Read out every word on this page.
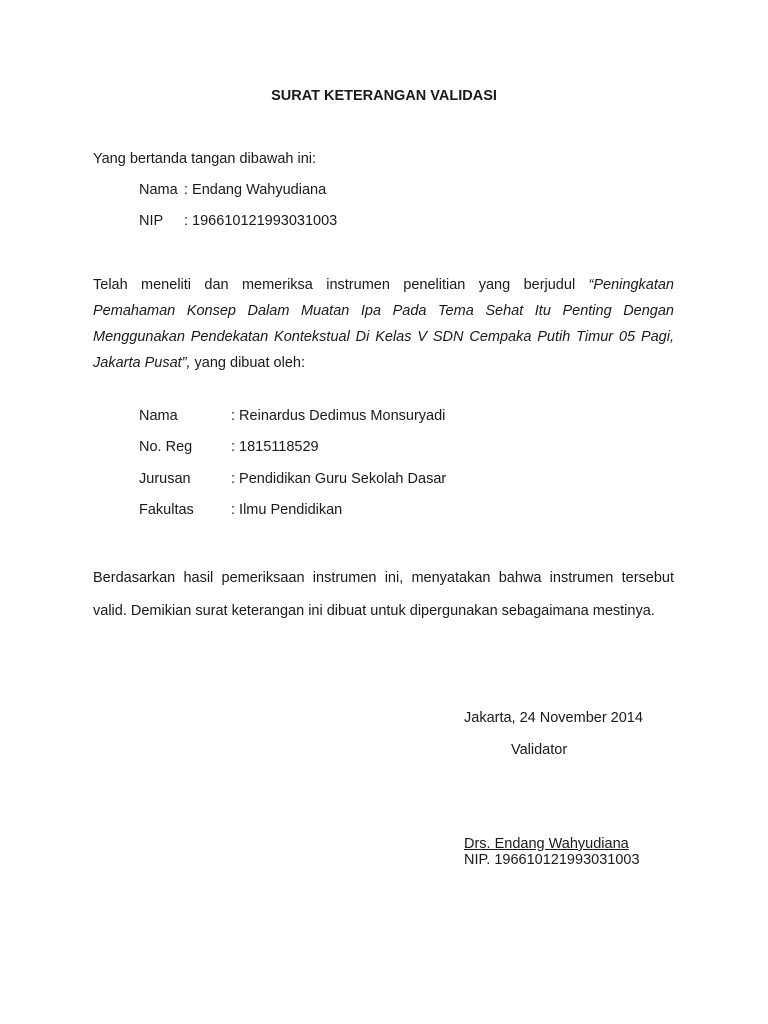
SURAT KETERANGAN VALIDASI
Yang bertanda tangan dibawah ini:
Nama : Endang Wahyudiana
NIP : 196610121993031003
Telah meneliti dan memeriksa instrumen penelitian yang berjudul “Peningkatan Pemahaman Konsep Dalam Muatan Ipa Pada Tema Sehat Itu Penting Dengan Menggunakan Pendekatan Kontekstual Di Kelas V SDN Cempaka Putih Timur 05 Pagi, Jakarta Pusat”, yang dibuat oleh:
Nama	: Reinardus Dedimus Monsuryadi
No. Reg	: 1815118529
Jurusan	: Pendidikan Guru Sekolah Dasar
Fakultas	: Ilmu Pendidikan
Berdasarkan hasil pemeriksaan instrumen ini, menyatakan bahwa instrumen tersebut valid. Demikian surat keterangan ini dibuat untuk dipergunakan sebagaimana mestinya.
Jakarta, 24 November 2014
Validator
Drs. Endang Wahyudiana
NIP. 196610121993031003
